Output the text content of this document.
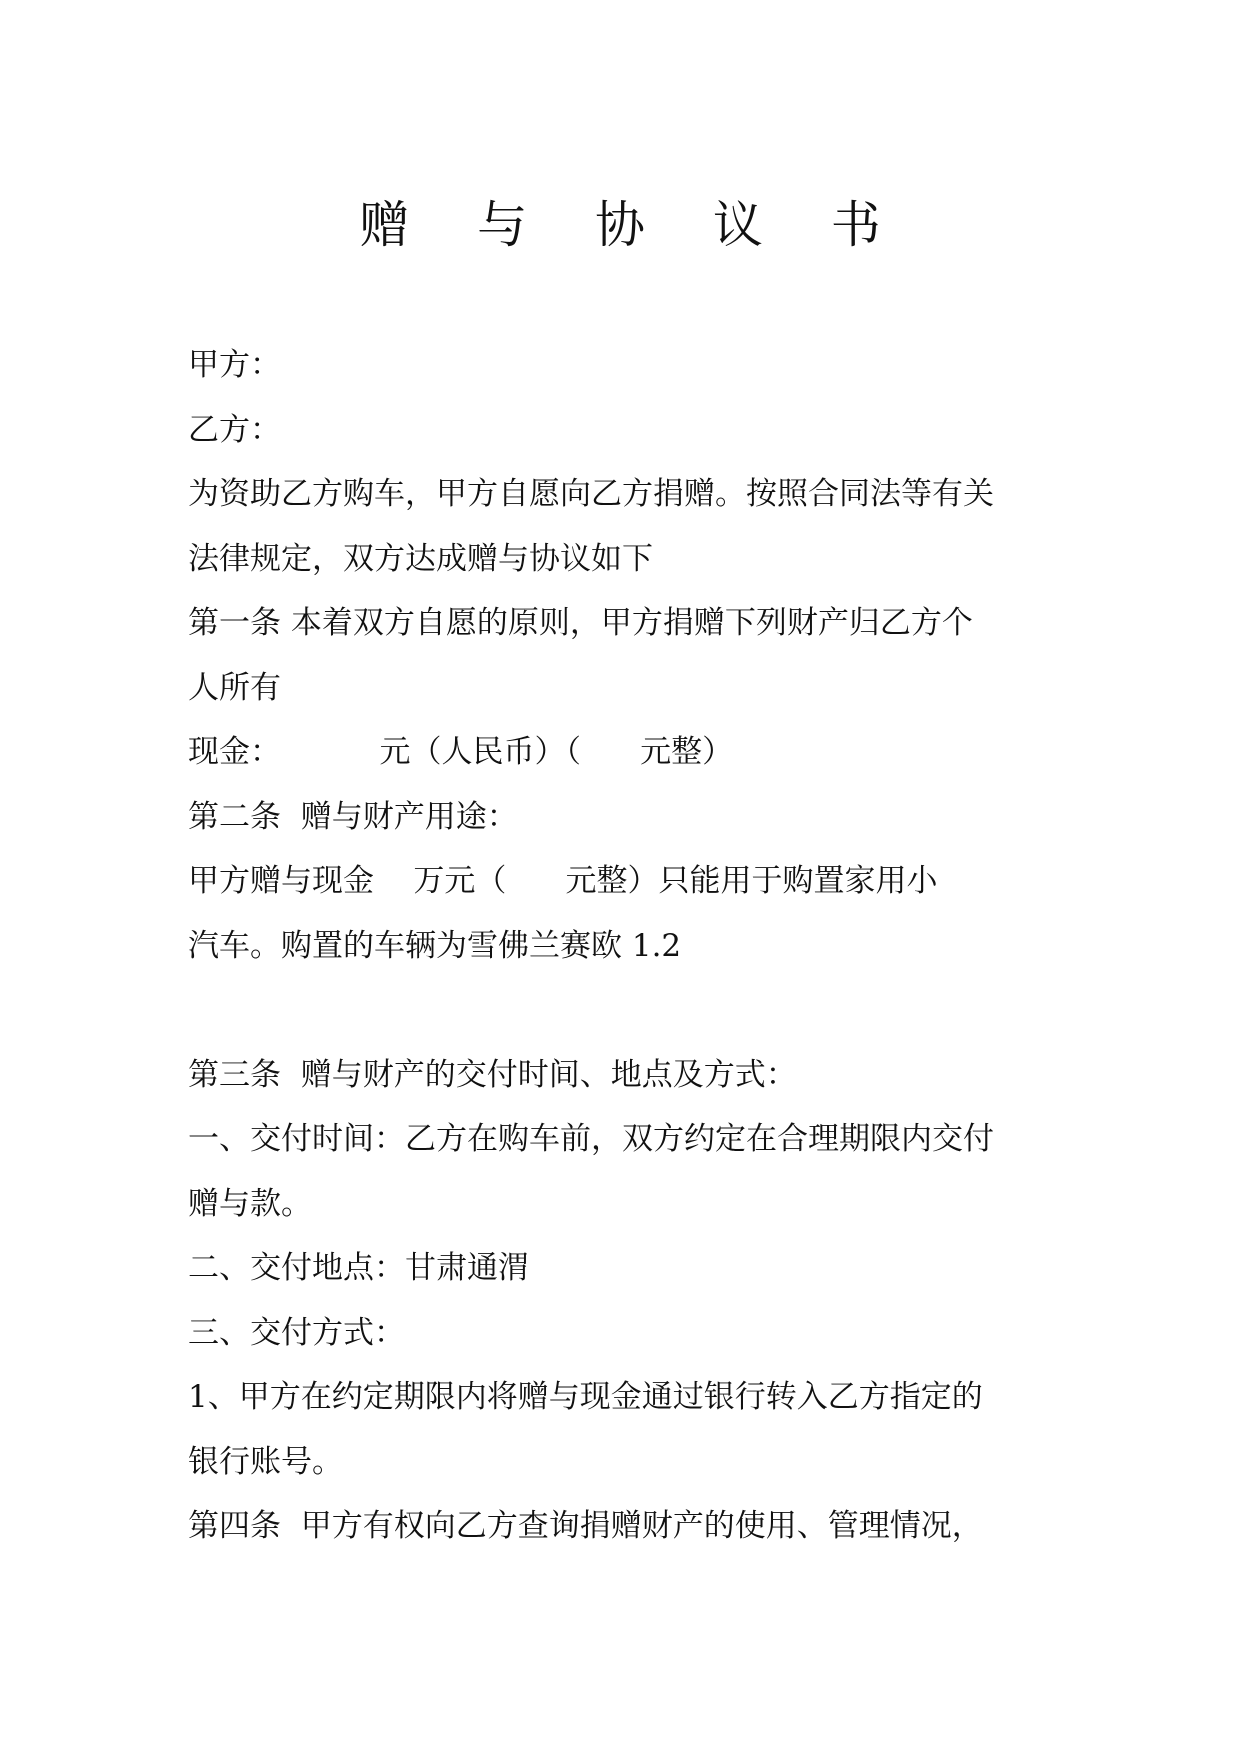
赠 与 协 议 书
甲方：
乙方：
为资助乙方购车，甲方自愿向乙方捐赠。按照合同法等有关
法律规定，双方达成赠与协议如下
第一条 本着双方自愿的原则，甲方捐赠下列财产归乙方个
人所有
现金：          元（人民币）（      元整）
第二条  赠与财产用途：
甲方赠与现金    万元（      元整）只能用于购置家用小
汽车。购置的车辆为雪佛兰赛欧 1.2
第三条  赠与财产的交付时间、地点及方式：
一、交付时间：乙方在购车前，双方约定在合理期限内交付
赠与款。
二、交付地点：甘肃通渭
三、交付方式：
1、甲方在约定期限内将赠与现金通过银行转入乙方指定的
银行账号。
第四条  甲方有权向乙方查询捐赠财产的使用、管理情况，
